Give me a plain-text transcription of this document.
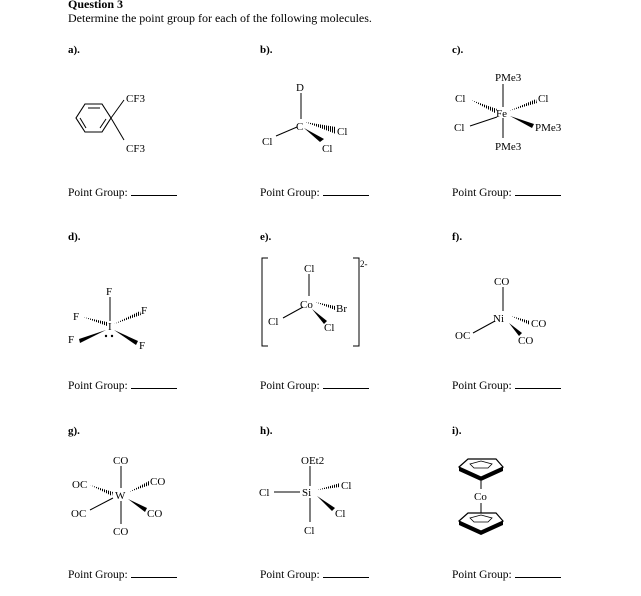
Question 3
Determine the point group for each of the following molecules.
a).	b).	c).
d).	e).	f).
g).	h).	i).
Point Group:	Point Group:	Point Group:
Point Group:	Point Group:	Point Group:
Point Group:	Point Group:	Point Group:
CF3
CF3
D
C
Cl
Cl
Cl
PMe3
Cl	Cl
Fe
Cl	PMe3
PMe3
F
F	F
I
F	F
2-
Cl
Co Br
Cl	Cl
CO
Ni CO
OC	CO
CO
OC
W
CO
OC	CO
CO
OEt2
Cl	Si
Cl
Cl
Cl
Co
